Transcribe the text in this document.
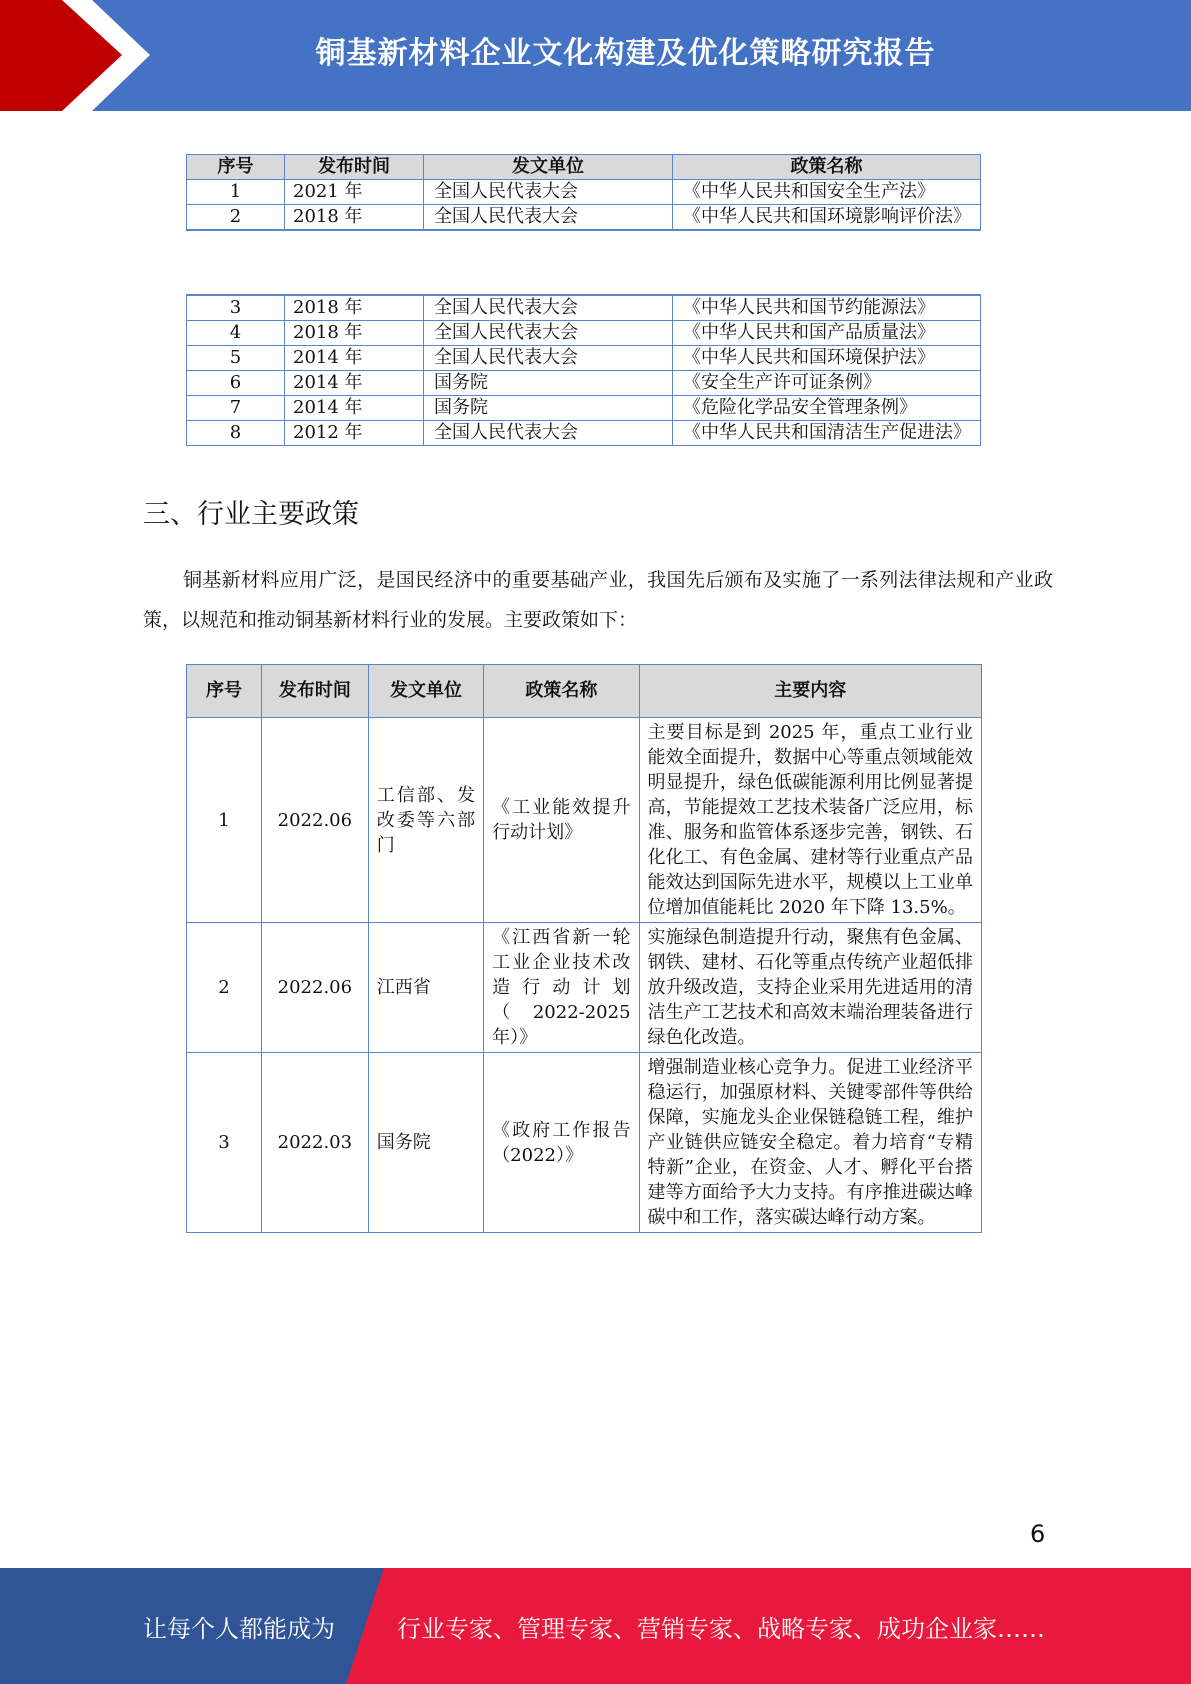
铜基新材料企业文化构建及优化策略研究报告
序号	发布时间	发文单位	政策名称
1	2021 年	全国人民代表大会	《中华人民共和国安全生产法》
2	2018 年	全国人民代表大会	《中华人民共和国环境影响评价法》
3	2018 年	全国人民代表大会	《中华人民共和国节约能源法》
4	2018 年	全国人民代表大会	《中华人民共和国产品质量法》
5	2014 年	全国人民代表大会	《中华人民共和国环境保护法》
6	2014 年	国务院	《安全生产许可证条例》
7	2014 年	国务院	《危险化学品安全管理条例》
8	2012 年	全国人民代表大会	《中华人民共和国清洁生产促进法》
三、行业主要政策
铜基新材料应用广泛，是国民经济中的重要基础产业，我国先后颁布及实施了一系列法律法规和产业政策，以规范和推动铜基新材料行业的发展。主要政策如下：
序号	发布时间	发文单位	政策名称	主要内容
1	2022.06	工信部、发改委等六部门	《工业能效提升行动计划》	主要目标是到 2025 年，重点工业行业能效全面提升，数据中心等重点领域能效明显提升，绿色低碳能源利用比例显著提高，节能提效工艺技术装备广泛应用，标准、服务和监管体系逐步完善，钢铁、石化化工、有色金属、建材等行业重点产品能效达到国际先进水平，规模以上工业单位增加值能耗比 2020 年下降 13.5%。
2	2022.06	江西省	《江西省新一轮工业企业技术改造行动计划（2022-2025 年）》	实施绿色制造提升行动，聚焦有色金属、钢铁、建材、石化等重点传统产业超低排放升级改造，支持企业采用先进适用的清洁生产工艺技术和高效末端治理装备进行绿色化改造。
3	2022.03	国务院	《政府工作报告（2022）》	增强制造业核心竞争力。促进工业经济平稳运行，加强原材料、关键零部件等供给保障，实施龙头企业保链稳链工程，维护产业链供应链安全稳定。着力培育“专精特新”企业，在资金、人才、孵化平台搭建等方面给予大力支持。有序推进碳达峰碳中和工作，落实碳达峰行动方案。
6
让每个人都能成为	行业专家、管理专家、营销专家、战略专家、成功企业家……
